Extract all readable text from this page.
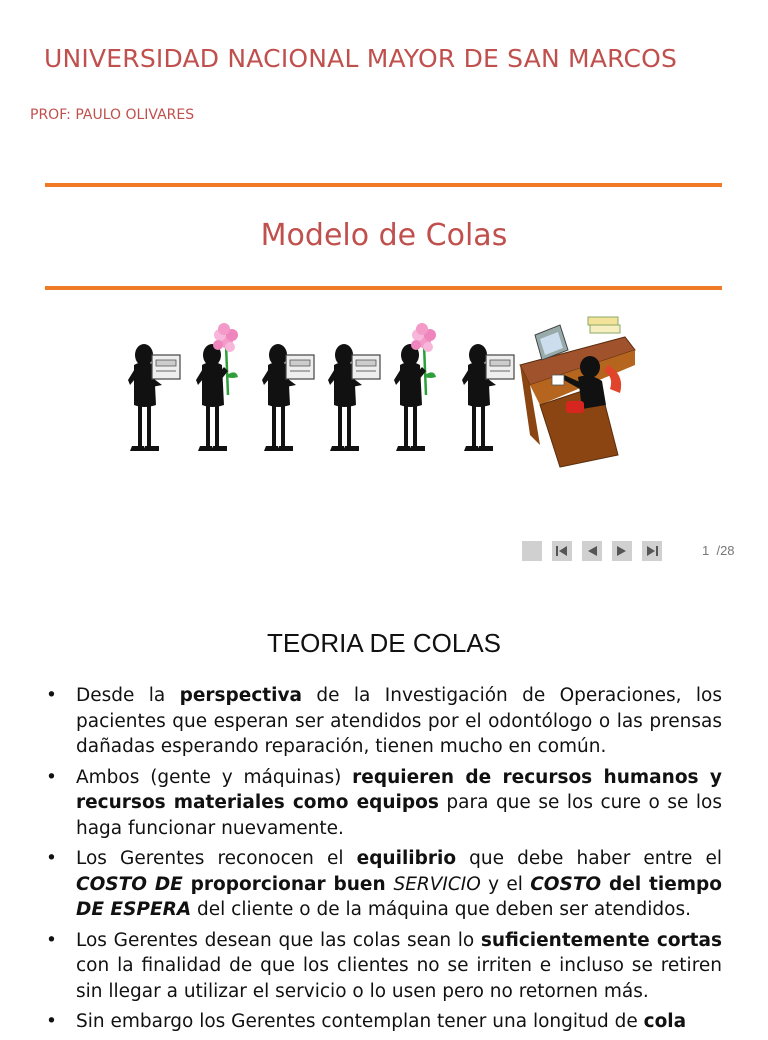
UNIVERSIDAD NACIONAL MAYOR DE SAN MARCOS
PROF: PAULO OLIVARES
Modelo de Colas
1 /28
TEORIA DE COLAS
• Desde la perspectiva de la Investigación de Operaciones, los pacientes que esperan ser atendidos por el odontólogo o las prensas dañadas esperando reparación, tienen mucho en común.
• Ambos (gente y máquinas) requieren de recursos humanos y recursos materiales como equipos para que se los cure o se los haga funcionar nuevamente.
• Los Gerentes reconocen el equilibrio que debe haber entre el COSTO DE proporcionar buen SERVICIO y el COSTO del tiempo DE ESPERA del cliente o de la máquina que deben ser atendidos.
• Los Gerentes desean que las colas sean lo suficientemente cortas con la finalidad de que los clientes no se irriten e incluso se retiren sin llegar a utilizar el servicio o lo usen pero no retornen más.
• Sin embargo los Gerentes contemplan tener una longitud de cola
